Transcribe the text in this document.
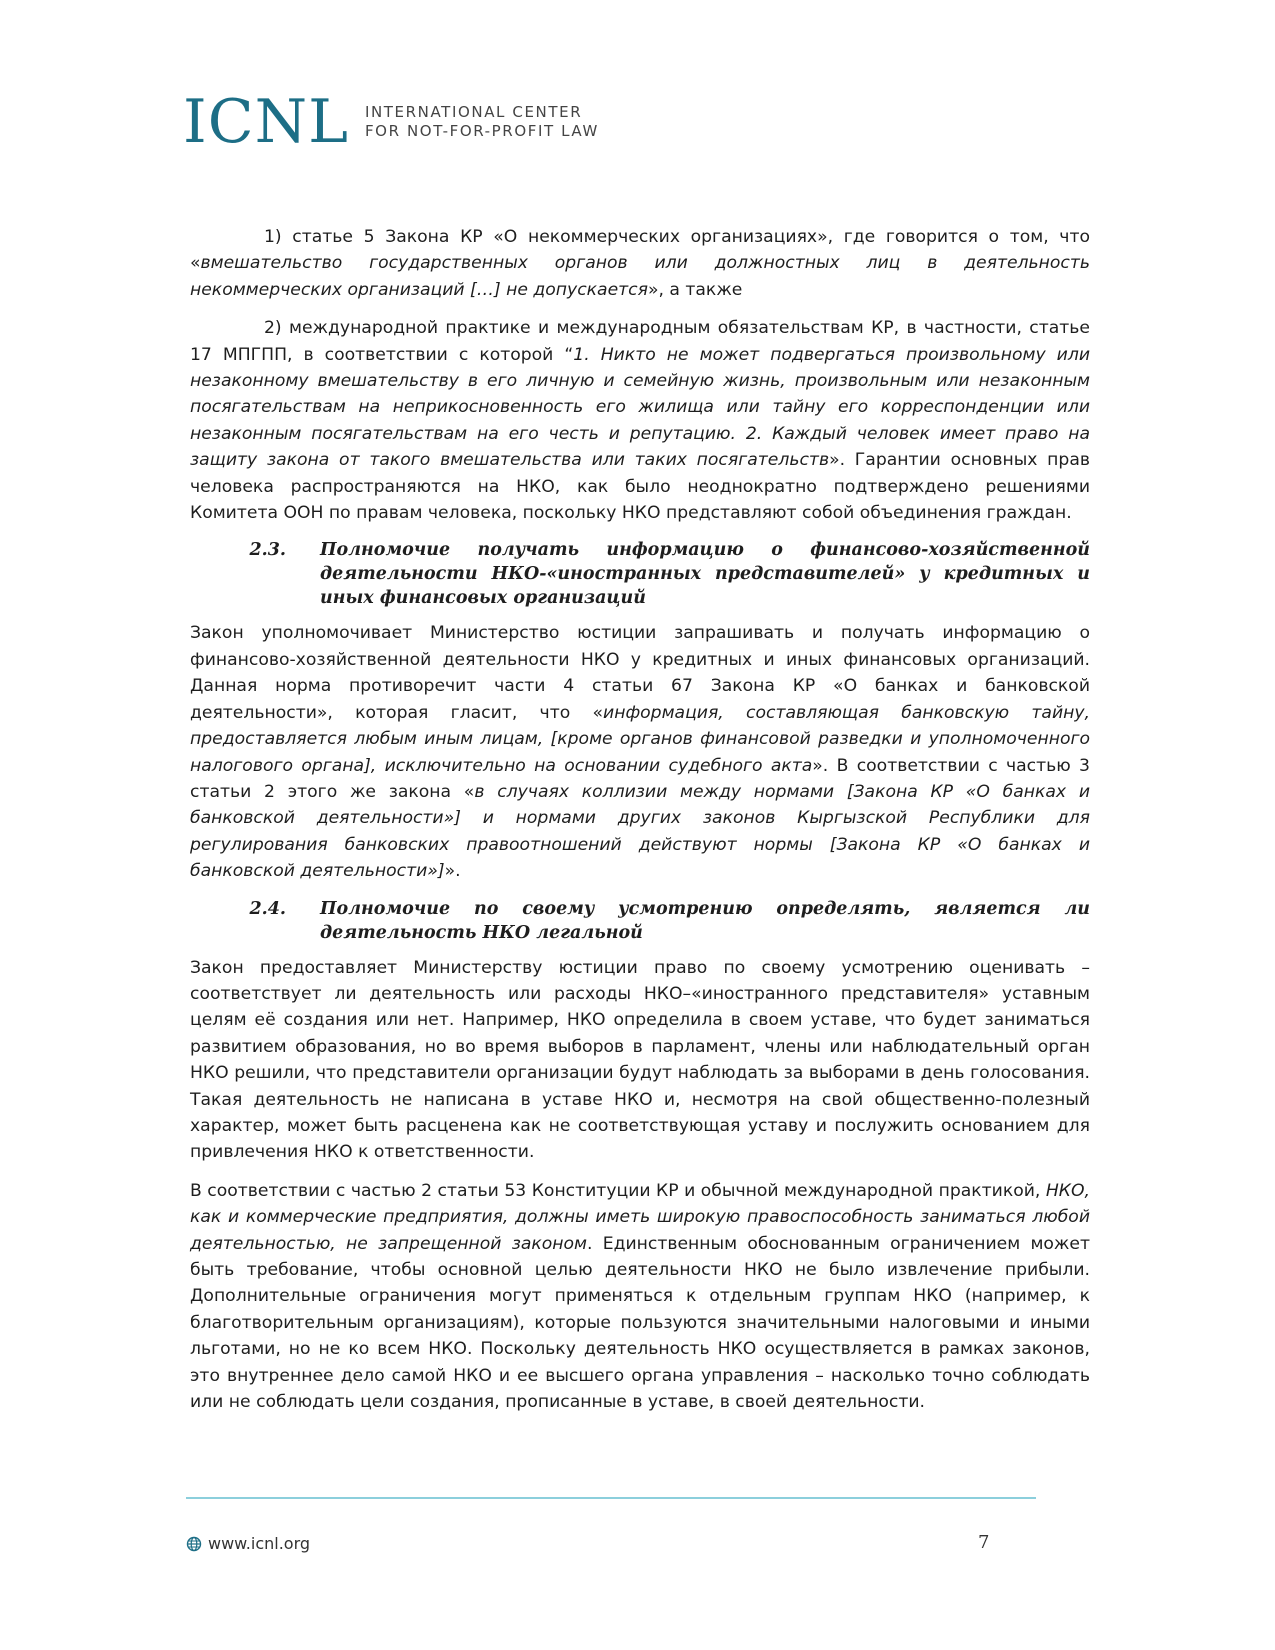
ICNL INTERNATIONAL CENTER
FOR NOT-FOR-PROFIT LAW

1) статье 5 Закона КР «О некоммерческих организациях», где говорится о том, что «вмешательство государственных органов или должностных лиц в деятельность некоммерческих организаций […] не допускается», а также

2) международной практике и международным обязательствам КР, в частности, статье 17 МПГПП, в соответствии с которой “1. Никто не может подвергаться произвольному или незаконному вмешательству в его личную и семейную жизнь, произвольным или незаконным посягательствам на неприкосновенность его жилища или тайну его корреспонденции или незаконным посягательствам на его честь и репутацию. 2. Каждый человек имеет право на защиту закона от такого вмешательства или таких посягательств». Гарантии основных прав человека распространяются на НКО, как было неоднократно подтверждено решениями Комитета ООН по правам человека, поскольку НКО представляют собой объединения граждан.

2.3.	Полномочие получать информацию о финансово-хозяйственной деятельности НКО-«иностранных представителей» у кредитных и иных финансовых организаций

Закон уполномочивает Министерство юстиции запрашивать и получать информацию о финансово-хозяйственной деятельности НКО у кредитных и иных финансовых организаций. Данная норма противоречит части 4 статьи 67 Закона КР «О банках и банковской деятельности», которая гласит, что «информация, составляющая банковскую тайну, предоставляется любым иным лицам, [кроме органов финансовой разведки и уполномоченного налогового органа], исключительно на основании судебного акта». В соответствии с частью 3 статьи 2 этого же закона «в случаях коллизии между нормами [Закона КР «О банках и банковской деятельности»] и нормами других законов Кыргызской Республики для регулирования банковских правоотношений действуют нормы [Закона КР «О банках и банковской деятельности»]».

2.4.	Полномочие по своему усмотрению определять, является ли деятельность НКО легальной

Закон предоставляет Министерству юстиции право по своему усмотрению оценивать – соответствует ли деятельность или расходы НКО–«иностранного представителя» уставным целям её создания или нет. Например, НКО определила в своем уставе, что будет заниматься развитием образования, но во время выборов в парламент, члены или наблюдательный орган НКО решили, что представители организации будут наблюдать за выборами в день голосования. Такая деятельность не написана в уставе НКО и, несмотря на свой общественно-полезный характер, может быть расценена как не соответствующая уставу и послужить основанием для привлечения НКО к ответственности.

В соответствии с частью 2 статьи 53 Конституции КР и обычной международной практикой, НКО, как и коммерческие предприятия, должны иметь широкую правоспособность заниматься любой деятельностью, не запрещенной законом. Единственным обоснованным ограничением может быть требование, чтобы основной целью деятельности НКО не было извлечение прибыли. Дополнительные ограничения могут применяться к отдельным группам НКО (например, к благотворительным организациям), которые пользуются значительными налоговыми и иными льготами, но не ко всем НКО. Поскольку деятельность НКО осуществляется в рамках законов, это внутреннее дело самой НКО и ее высшего органа управления – насколько точно соблюдать или не соблюдать цели создания, прописанные в уставе, в своей деятельности.

www.icnl.org	7
